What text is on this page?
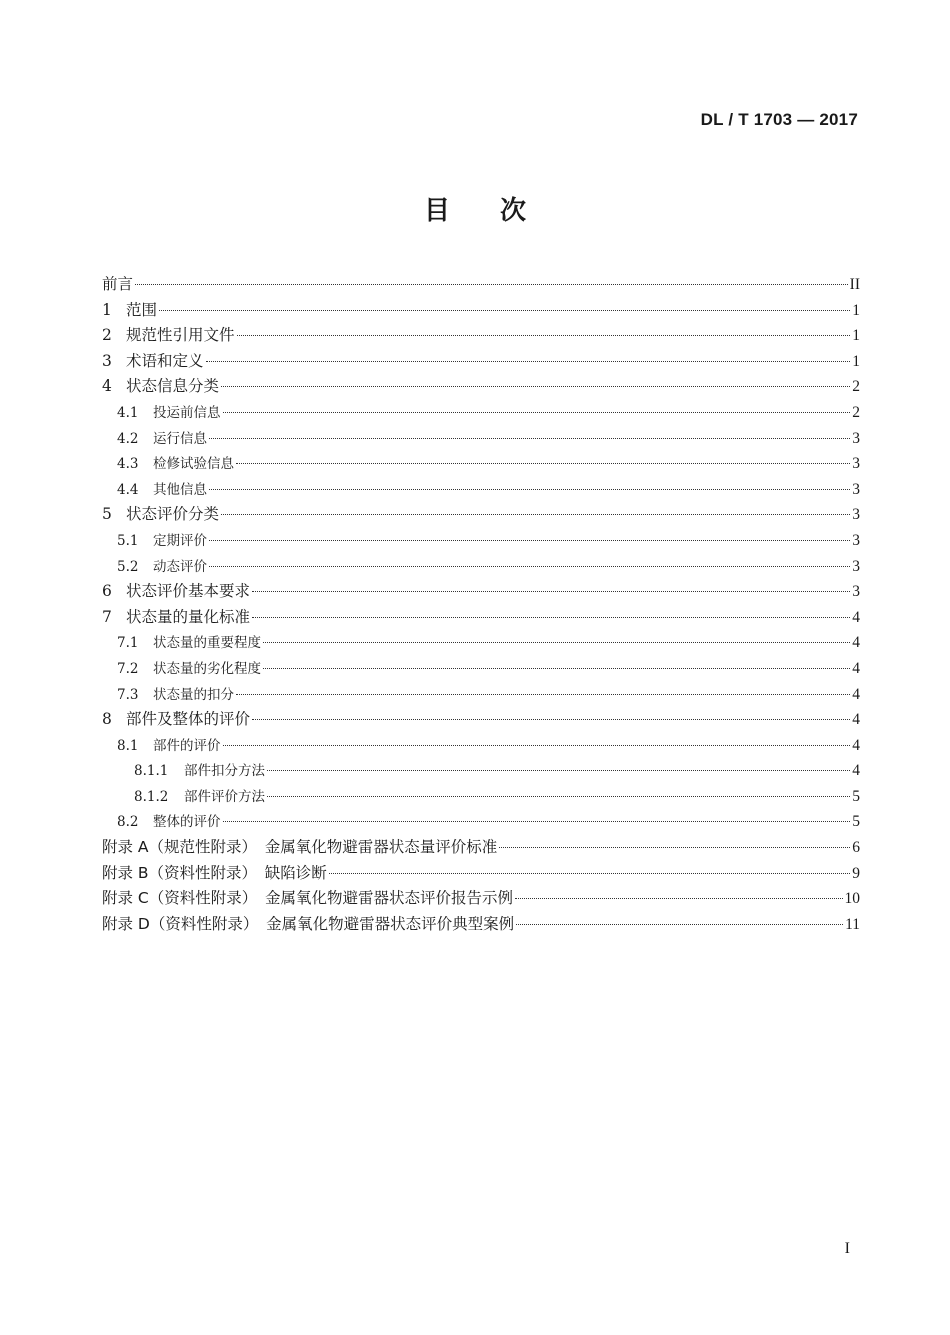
DL / T 1703 — 2017
目次
前言	II
1 范围	1
2 规范性引用文件	1
3 术语和定义	1
4 状态信息分类	2
4.1	投运前信息	2
4.2	运行信息	3
4.3	检修试验信息	3
4.4	其他信息	3
5 状态评价分类	3
5.1	定期评价	3
5.2	动态评价	3
6 状态评价基本要求	3
7 状态量的量化标准	4
7.1	状态量的重要程度	4
7.2	状态量的劣化程度	4
7.3	状态量的扣分	4
8 部件及整体的评价	4
8.1	部件的评价	4
8.1.1	部件扣分方法	4
8.1.2	部件评价方法	5
8.2	整体的评价	5
附录 A（规范性附录）　金属氧化物避雷器状态量评价标准	6
附录 B（资料性附录）　缺陷诊断	9
附录 C（资料性附录）　金属氧化物避雷器状态评价报告示例	10
附录 D（资料性附录）　金属氧化物避雷器状态评价典型案例	11
I
